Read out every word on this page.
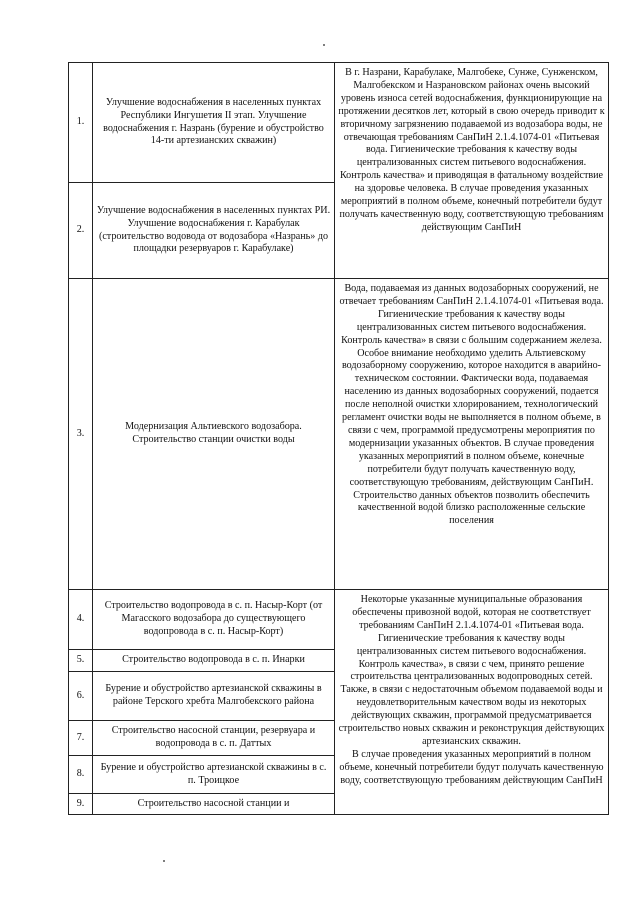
1.	Улучшение водоснабжения в населенных пунктах Республики Ингушетия II этап. Улучшение водоснабжения г. Назрань (бурение и обустройство 14-ти артезианских скважин)	В г. Назрани, Карабулаке, Малгобеке, Сунже, Сунженском, Малгобекском и Назрановском районах очень высокий уровень износа сетей водоснабжения, функционирующие на протяжении десятков лет, который в свою очередь приводит к вторичному загрязнению подаваемой из водозабора воды, не отвечающая требованиям СанПиН 2.1.4.1074-01 «Питьевая вода. Гигиенические требования к качеству воды централизованных систем питьевого водоснабжения. Контроль качества» и приводящая в фатальному воздействие на здоровье человека. В случае проведения указанных мероприятий в полном объеме, конечный потребители будут получать качественную воду, соответствующую требованиям действующим СанПиН

2.	Улучшение водоснабжения в населенных пунктах РИ. Улучшение водоснабжения г. Карабулак (строительство водовода от водозабора «Назрань» до площадки резервуаров г. Карабулаке)	
3.	Модернизация Альтиевского водозабора. Строительство станции очистки воды	Вода, подаваемая из данных водозаборных сооружений, не отвечает требованиям СанПиН 2.1.4.1074-01 «Питьевая вода. Гигиенические требования к качеству воды централизованных систем питьевого водоснабжения. Контроль качества» в связи с большим содержанием железа. Особое внимание необходимо уделить Альтиевскому водозаборному сооружению, которое находится в аварийно-техническом состоянии. Фактически вода, подаваемая населению из данных водозаборных сооружений, подается после неполной очистки хлорированием, технологический регламент очистки воды не выполняется в полном объеме, в связи с чем, программой предусмотрены мероприятия по модернизации указанных объектов. В случае проведения указанных мероприятий в полном объеме, конечные потребители будут получать качественную воду, соответствующую требованиям, действующим СанПиН.

Строительство данных объектов позволить обеспечить качественной водой близко расположенные сельские поселения

4.	Строительство водопровода в с. п. Насыр-Корт (от Магасского водозабора до существующего водопровода в с. п. Насыр-Корт)	Некоторые указанные муниципальные образования обеспечены привозной водой, которая не соответствует требованиям СанПиН 2.1.4.1074-01 «Питьевая вода. Гигиенические требования к качеству воды централизованных систем питьевого водоснабжения. Контроль качества», в связи с чем, принято решение строительства централизованных водопроводных сетей.

Также, в связи с недостаточным объемом подаваемой воды и неудовлетворительным качеством воды из некоторых действующих скважин, программой предусматривается строительство новых скважин и реконструкция действующих артезианских скважин.

В случае проведения указанных мероприятий в полном объеме, конечный потребители будут получать качественную воду, соответствующую требованиям действующим СанПиН

5.	Строительство водопровода в с. п. Инарки	
6.	Бурение и обустройство артезианской скважины в районе Терского хребта Малгобекского района	
7.	Строительство насосной станции, резервуара и водопровода в с. п. Даттых	
8.	Бурение и обустройство артезианской скважины в с. п. Троицкое	
9.	Строительство насосной станции и	
